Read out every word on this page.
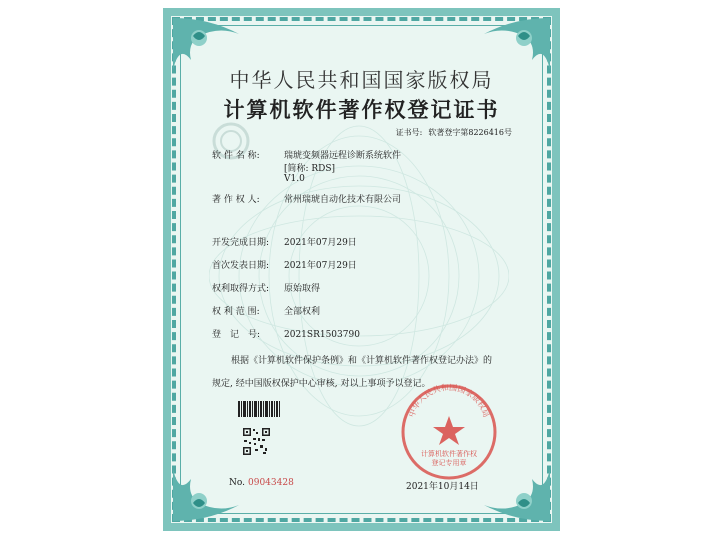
中华人民共和国国家版权局
计算机软件著作权登记证书
证书号: 软著登字第8226416号
软 件 名 称:	瑞琥变频器远程诊断系统软件
[简称: RDS]
V1.0
著 作 权 人:	常州瑞琥自动化技术有限公司
开发完成日期: 2021年07月29日
首次发表日期: 2021年07月29日
权利取得方式: 原始取得
权 利 范 围:	全部权利
登　记　号:	2021SR1503790
根据《计算机软件保护条例》和《计算机软件著作权登记办法》的
规定, 经中国版权保护中心审核, 对以上事项予以登记。
No. 09043428
中华人民共和国国家版权局
计算机软件著作权
登记专用章
2021年10月14日
